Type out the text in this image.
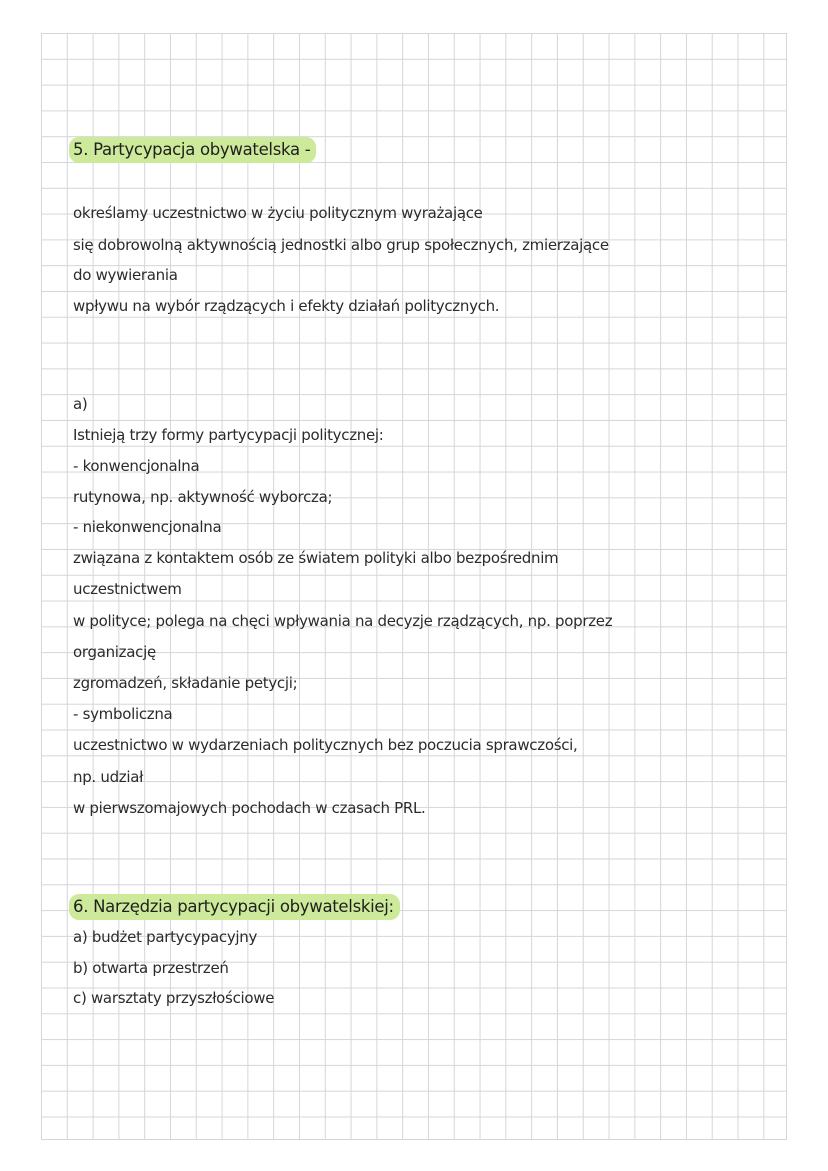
5. Partycypacja obywatelska -
określamy uczestnictwo w życiu politycznym wyrażające
się dobrowolną aktywnością jednostki albo grup społecznych, zmierzające
do wywierania
wpływu na wybór rządzących i efekty działań politycznych.
a)
Istnieją trzy formy partycypacji politycznej:
- konwencjonalna
rutynowa, np. aktywność wyborcza;
- niekonwencjonalna
związana z kontaktem osób ze światem polityki albo bezpośrednim
uczestnictwem
w polityce; polega na chęci wpływania na decyzje rządzących, np. poprzez
organizację
zgromadzeń, składanie petycji;
- symboliczna
uczestnictwo w wydarzeniach politycznych bez poczucia sprawczości,
np. udział
w pierwszomajowych pochodach w czasach PRL.
6. Narzędzia partycypacji obywatelskiej:
a) budżet partycypacyjny
b) otwarta przestrzeń
c) warsztaty przyszłościowe
